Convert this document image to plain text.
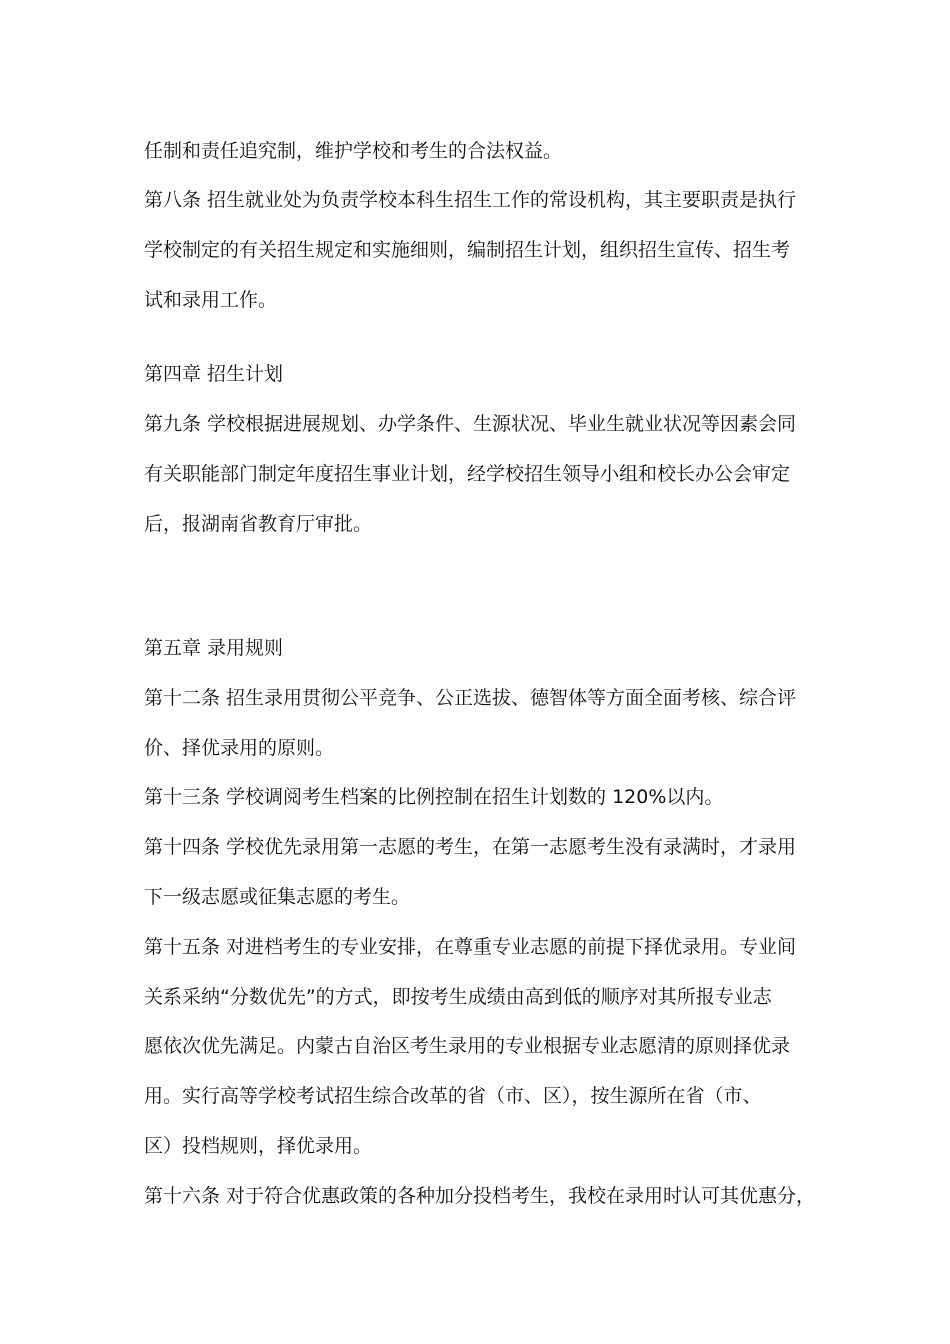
任制和责任追究制，维护学校和考生的合法权益。
第八条 招生就业处为负责学校本科生招生工作的常设机构，其主要职责是执行
学校制定的有关招生规定和实施细则，编制招生计划，组织招生宣传、招生考
试和录用工作。
第四章 招生计划
第九条 学校根据进展规划、办学条件、生源状况、毕业生就业状况等因素会同
有关职能部门制定年度招生事业计划，经学校招生领导小组和校长办公会审定
后，报湖南省教育厅审批。
第五章 录用规则
第十二条 招生录用贯彻公平竞争、公正选拔、德智体等方面全面考核、综合评
价、择优录用的原则。
第十三条 学校调阅考生档案的比例控制在招生计划数的 120%以内。
第十四条 学校优先录用第一志愿的考生，在第一志愿考生没有录满时，才录用
下一级志愿或征集志愿的考生。
第十五条 对进档考生的专业安排，在尊重专业志愿的前提下择优录用。专业间
关系采纳“分数优先”的方式，即按考生成绩由高到低的顺序对其所报专业志
愿依次优先满足。内蒙古自治区考生录用的专业根据专业志愿清的原则择优录
用。实行高等学校考试招生综合改革的省（市、区），按生源所在省（市、
区）投档规则，择优录用。
第十六条 对于符合优惠政策的各种加分投档考生，我校在录用时认可其优惠分，
